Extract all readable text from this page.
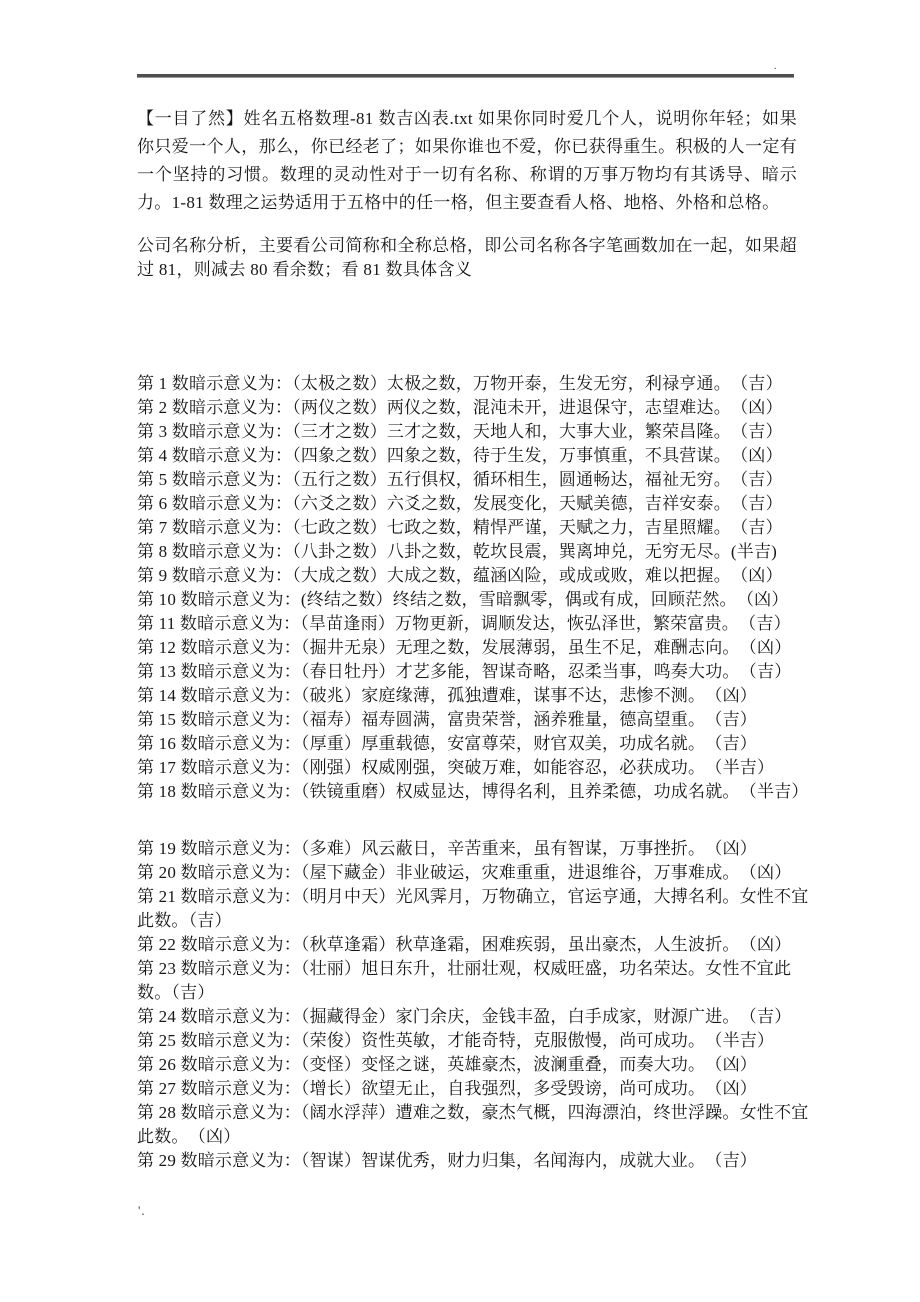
.

【一目了然】姓名五格数理-81 数吉凶表.txt 如果你同时爱几个人，说明你年轻；如果你只爱一个人，那么，你已经老了；如果你谁也不爱，你已获得重生。积极的人一定有一个坚持的习惯。数理的灵动性对于一切有名称、称谓的万事万物均有其诱导、暗示力。1-81 数理之运势适用于五格中的任一格，但主要查看人格、地格、外格和总格。

公司名称分析，主要看公司简称和全称总格，即公司名称各字笔画数加在一起，如果超过 81，则减去 80 看余数；看 81 数具体含义

第 1 数暗示意义为：（太极之数）太极之数，万物开泰，生发无穷，利禄亨通。　（吉）

第 2 数暗示意义为：（两仪之数）两仪之数，混沌未开，进退保守，志望难达。　（凶）

第 3 数暗示意义为：（三才之数）三才之数，天地人和，大事大业，繁荣昌隆。　（吉）

第 4 数暗示意义为：（四象之数）四象之数，待于生发，万事慎重，不具营谋。　（凶）

第 5 数暗示意义为：（五行之数）五行俱权，循环相生，圆通畅达，福祉无穷。　（吉）

第 6 数暗示意义为：（六爻之数）六爻之数，发展变化，天赋美德，吉祥安泰。　（吉）

第 7 数暗示意义为：（七政之数）七政之数，精悍严谨，天赋之力，吉星照耀。　（吉）

第 8 数暗示意义为：（八卦之数）八卦之数，乾坎艮震，巽离坤兑，无穷无尽。(半吉)

第 9 数暗示意义为：（大成之数）大成之数，蕴涵凶险，或成或败，难以把握。　（凶）

第 10 数暗示意义为：(终结之数）终结之数，雪暗飘零，偶或有成，回顾茫然。　（凶）

第 11 数暗示意义为：（旱苗逢雨）万物更新，调顺发达，恢弘泽世，繁荣富贵。　（吉）

第 12 数暗示意义为：（掘井无泉）无理之数，发展薄弱，虽生不足，难酬志向。　（凶）

第 13 数暗示意义为：（春日牡丹）才艺多能，智谋奇略，忍柔当事，鸣奏大功。　（吉）

第 14 数暗示意义为：（破兆）家庭缘薄，孤独遭难，谋事不达，悲惨不测。　（凶）

第 15 数暗示意义为：（福寿）福寿圆满，富贵荣誉，涵养雅量，德高望重。　（吉）

第 16 数暗示意义为：（厚重）厚重载德，安富尊荣，财官双美，功成名就。　（吉）

第 17 数暗示意义为：（刚强）权威刚强，突破万难，如能容忍，必获成功。　（半吉）

第 18 数暗示意义为：（铁镜重磨）权威显达，博得名利，且养柔德，功成名就。　（半吉）

第 19 数暗示意义为：（多难）风云蔽日，辛苦重来，虽有智谋，万事挫折。　（凶）

第 20 数暗示意义为：（屋下藏金）非业破运，灾难重重，进退维谷，万事难成。　（凶）

第 21 数暗示意义为：（明月中天）光风霁月，万物确立，官运亨通，大搏名利。女性不宜此数。（吉）

第 22 数暗示意义为：（秋草逢霜）秋草逢霜，困难疾弱，虽出豪杰，人生波折。　（凶）

第 23 数暗示意义为：（壮丽）旭日东升，壮丽壮观，权威旺盛，功名荣达。女性不宜此数。（吉）

第 24 数暗示意义为：（掘藏得金）家门余庆，金钱丰盈，白手成家，财源广进。　（吉）

第 25 数暗示意义为：（荣俊）资性英敏，才能奇特，克服傲慢，尚可成功。　（半吉）

第 26 数暗示意义为：（变怪）变怪之谜，英雄豪杰，波澜重叠，而奏大功。　（凶）

第 27 数暗示意义为：（增长）欲望无止，自我强烈，多受毁谤，尚可成功。　（凶）

第 28 数暗示意义为：（阔水浮萍）遭难之数，豪杰气概，四海漂泊，终世浮躁。女性不宜此数。　（凶）

第 29 数暗示意义为：（智谋）智谋优秀，财力归集，名闻海内，成就大业。　（吉）

'.
